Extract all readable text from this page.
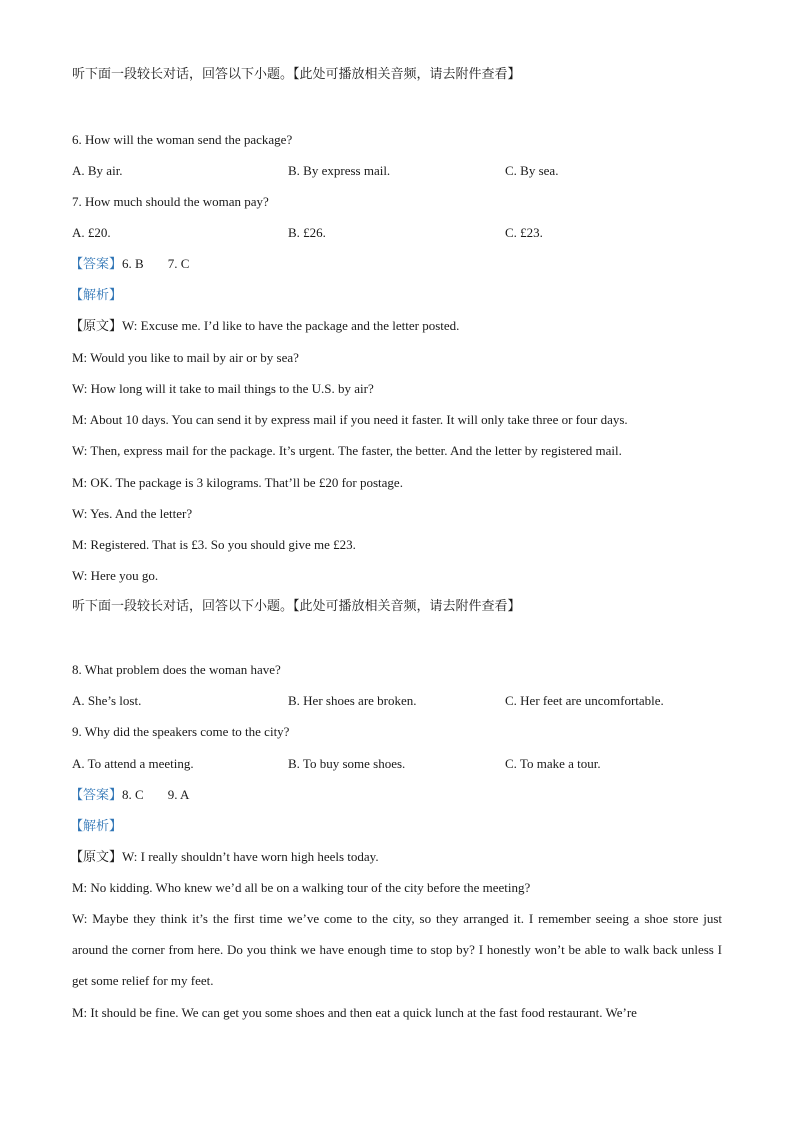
听下面一段较长对话，回答以下小题。【此处可播放相关音频，请去附件查看】
6. How will the woman send the package?
A. By air.	B. By express mail.	C. By sea.
7. How much should the woman pay?
A. £20.	B. £26.	C. £23.
【答案】6. B 7. C
【解析】
【原文】W: Excuse me. I’d like to have the package and the letter posted.
M: Would you like to mail by air or by sea?
W: How long will it take to mail things to the U.S. by air?
M: About 10 days. You can send it by express mail if you need it faster. It will only take three or four days.
W: Then, express mail for the package. It’s urgent. The faster, the better. And the letter by registered mail.
M: OK. The package is 3 kilograms. That’ll be £20 for postage.
W: Yes. And the letter?
M: Registered. That is £3. So you should give me £23.
W: Here you go.
听下面一段较长对话，回答以下小题。【此处可播放相关音频，请去附件查看】
8. What problem does the woman have?
A. She’s lost.	B. Her shoes are broken.	C. Her feet are uncomfortable.
9. Why did the speakers come to the city?
A. To attend a meeting.	B. To buy some shoes.	C. To make a tour.
【答案】8. C 9. A
【解析】
【原文】W: I really shouldn’t have worn high heels today.
M: No kidding. Who knew we’d all be on a walking tour of the city before the meeting?
W: Maybe they think it’s the first time we’ve come to the city, so they arranged it. I remember seeing a shoe store just around the corner from here. Do you think we have enough time to stop by? I honestly won’t be able to walk back unless I get some relief for my feet.
M: It should be fine. We can get you some shoes and then eat a quick lunch at the fast food restaurant. We’re
